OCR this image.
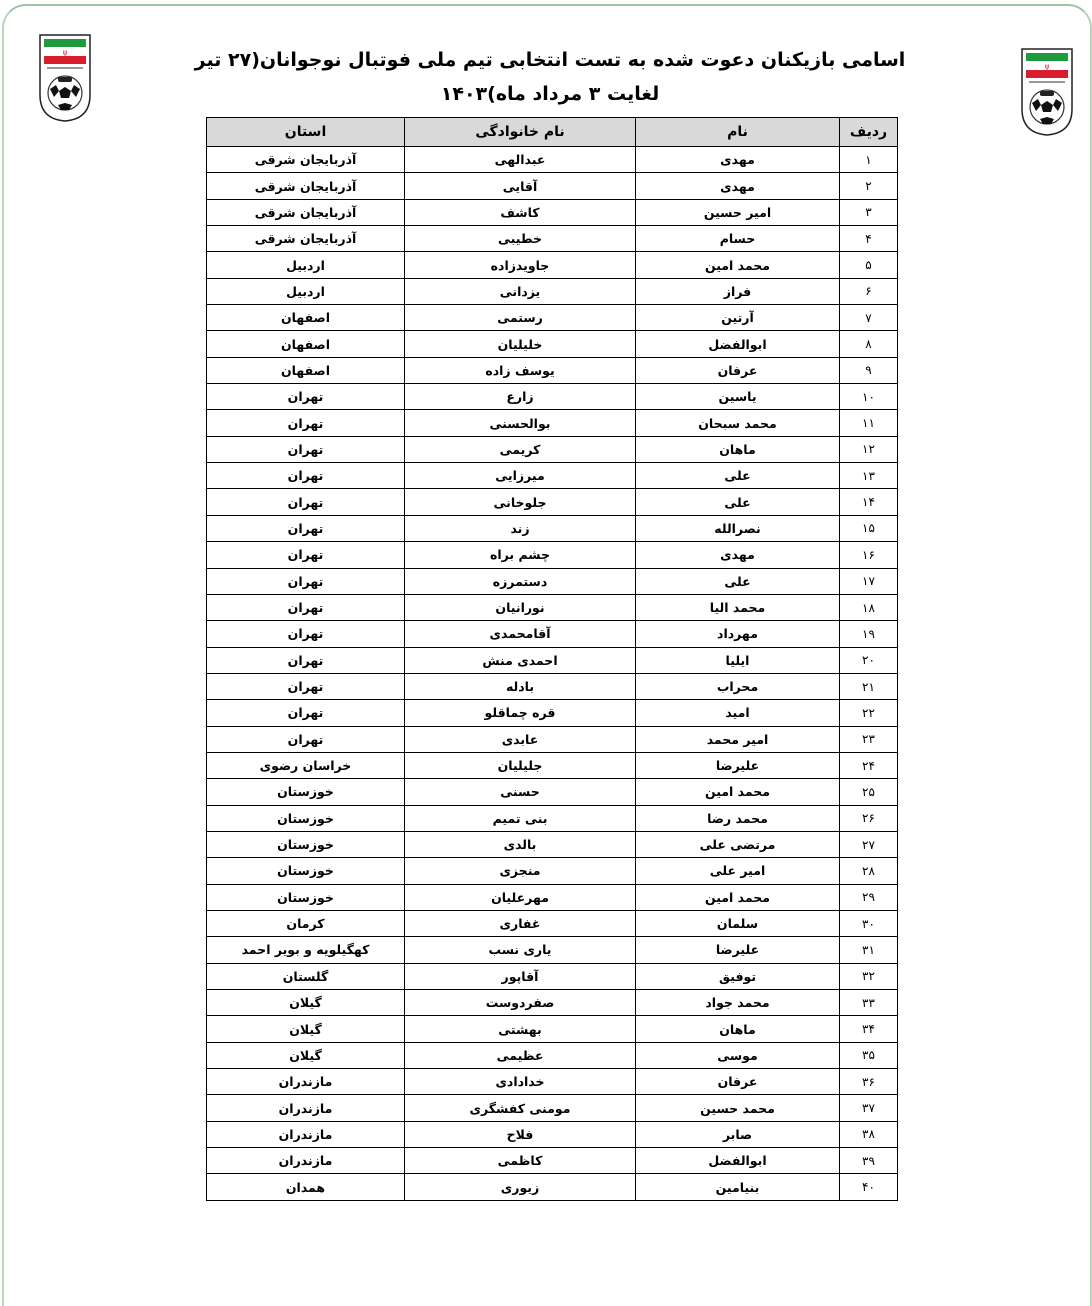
ψ
ψ
اسامی بازیکنان دعوت شده به تست انتخابی تیم ملی فوتبال نوجوانان(۲۷ تیر لغایت ۳ مرداد ماه)۱۴۰۳
ردیف	نام	نام خانوادگی	استان
۱	مهدی	عبدالهی	آذربایجان شرقی
۲	مهدی	آقایی	آذربایجان شرقی
۳	امیر حسین	کاشف	آذربایجان شرقی
۴	حسام	خطیبی	آذربایجان شرقی
۵	محمد امین	جاویدزاده	اردبیل
۶	فراز	یزدانی	اردبیل
۷	آرتین	رستمی	اصفهان
۸	ابوالفضل	خلیلیان	اصفهان
۹	عرفان	یوسف زاده	اصفهان
۱۰	یاسین	زارع	تهران
۱۱	محمد سبحان	بوالحسنی	تهران
۱۲	ماهان	کریمی	تهران
۱۳	علی	میرزایی	تهران
۱۴	علی	جلوخانی	تهران
۱۵	نصرالله	زند	تهران
۱۶	مهدی	چشم براه	تهران
۱۷	علی	دستمرزه	تهران
۱۸	محمد الیا	نورانیان	تهران
۱۹	مهرداد	آقامحمدی	تهران
۲۰	ایلیا	احمدی منش	تهران
۲۱	محراب	بادله	تهران
۲۲	امید	قره چماقلو	تهران
۲۳	امیر محمد	عابدی	تهران
۲۴	علیرضا	جلیلیان	خراسان رضوی
۲۵	محمد امین	حسنی	خوزستان
۲۶	محمد رضا	بنی تمیم	خوزستان
۲۷	مرتضی علی	بالدی	خوزستان
۲۸	امیر علی	منجزی	خوزستان
۲۹	محمد امین	مهرعلیان	خوزستان
۳۰	سلمان	غفاری	کرمان
۳۱	علیرضا	یاری نسب	کهگیلویه و بویر احمد
۳۲	توفیق	آقاپور	گلستان
۳۳	محمد جواد	صفردوست	گیلان
۳۴	ماهان	بهشتی	گیلان
۳۵	موسی	عظیمی	گیلان
۳۶	عرفان	خدادادی	مازندران
۳۷	محمد حسین	مومنی کفشگری	مازندران
۳۸	صابر	فلاح	مازندران
۳۹	ابوالفضل	کاظمی	مازندران
۴۰	بنیامین	زیوری	همدان
